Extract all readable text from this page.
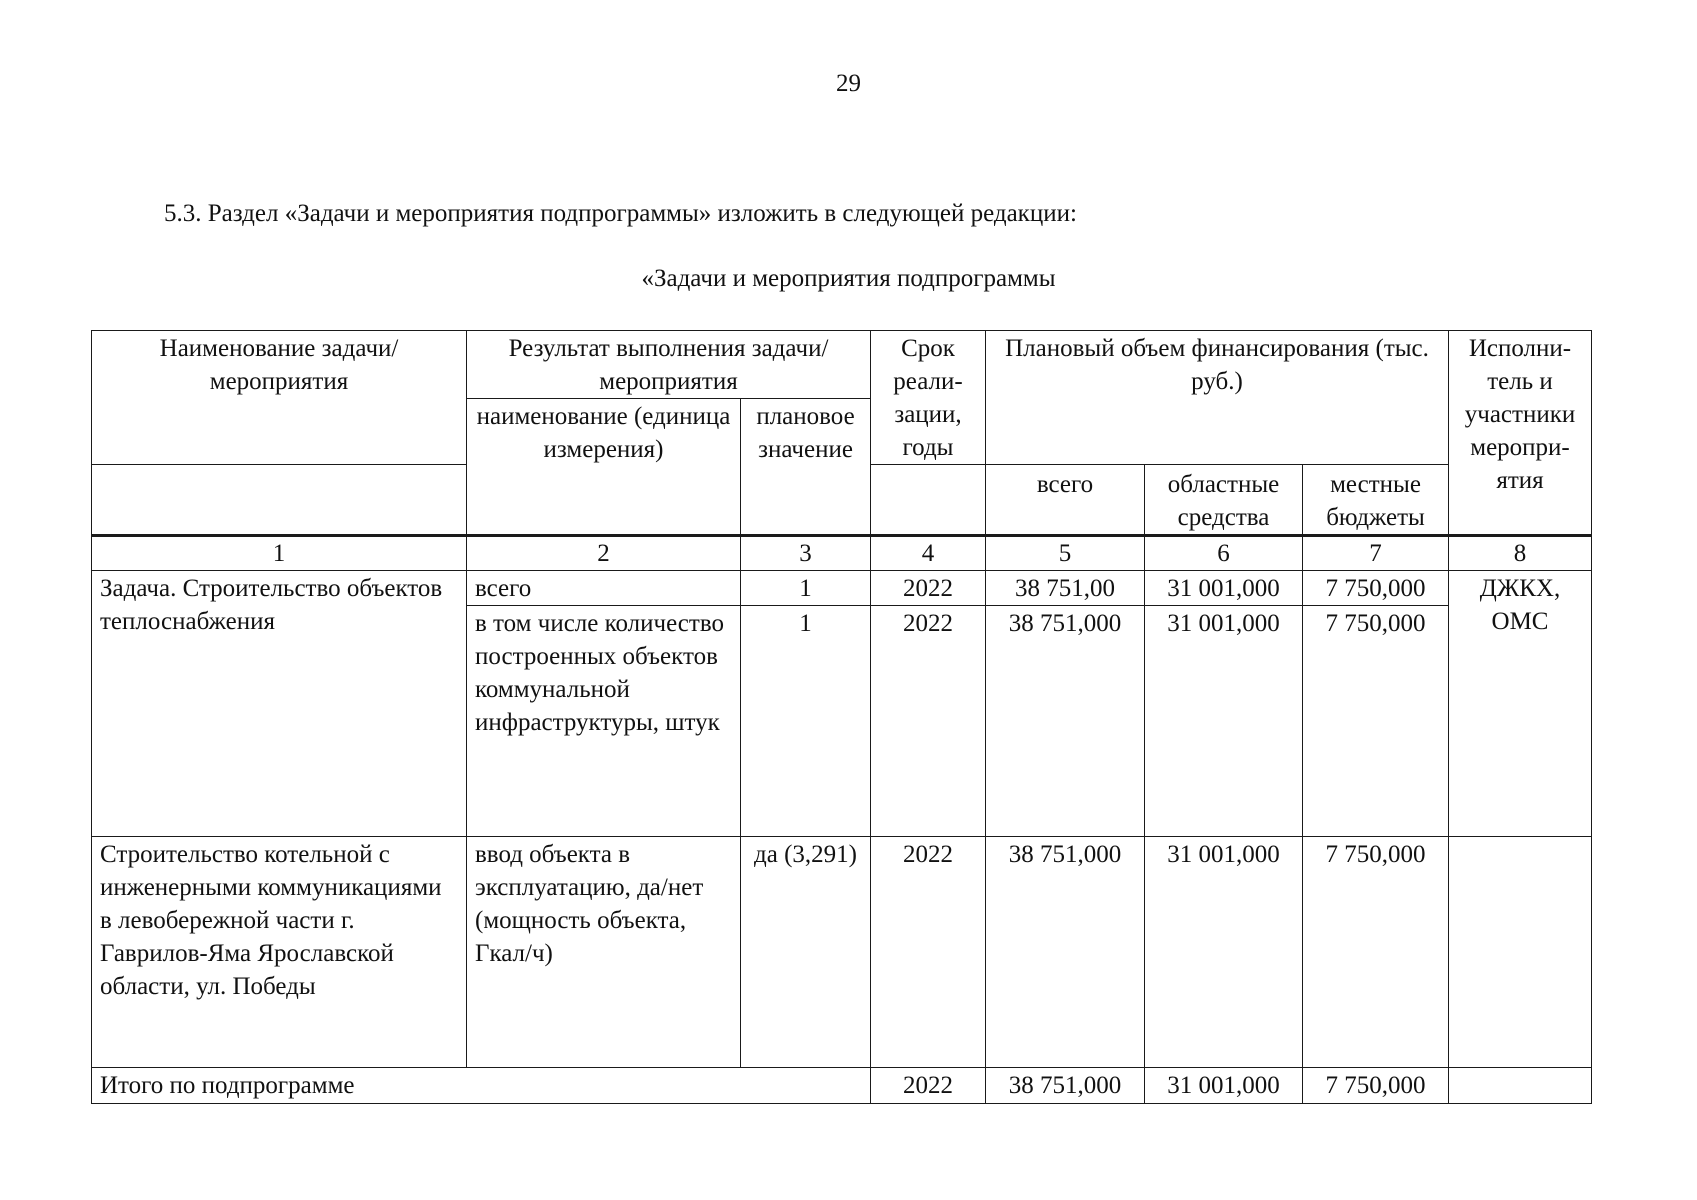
29
5.3. Раздел «Задачи и мероприятия подпрограммы» изложить в следующей редакции:
«Задачи и мероприятия подпрограммы
Наименование задачи/ мероприятия	Результат выполнения задачи/мероприятия		Срок реали- зации, годы	Плановый объем финансирования (тыс. руб.)			Исполни- тель и участники меропри- ятия
	наименование (единица измерения)	плановое значение					
				всего	областные средства	местные бюджеты	
1	2	3	4	5	6	7	8
Задача. Строительство объектов теплоснабжения	всего	1	2022	38 751,00	31 001,000	7 750,000	ДЖКХ, ОМС
	в том числе количество построенных объектов коммунальной инфраструктуры, штук	1	2022	38 751,000	31 001,000	7 750,000	
Строительство котельной с инженерными коммуникациями в левобережной части г. Гаврилов-Яма Ярославской области, ул. Победы	ввод объекта в эксплуатацию, да/нет (мощность объекта, Гкал/ч)	да (3,291)	2022	38 751,000	31 001,000	7 750,000	
Итого по подпрограмме			2022	38 751,000	31 001,000	7 750,000	
